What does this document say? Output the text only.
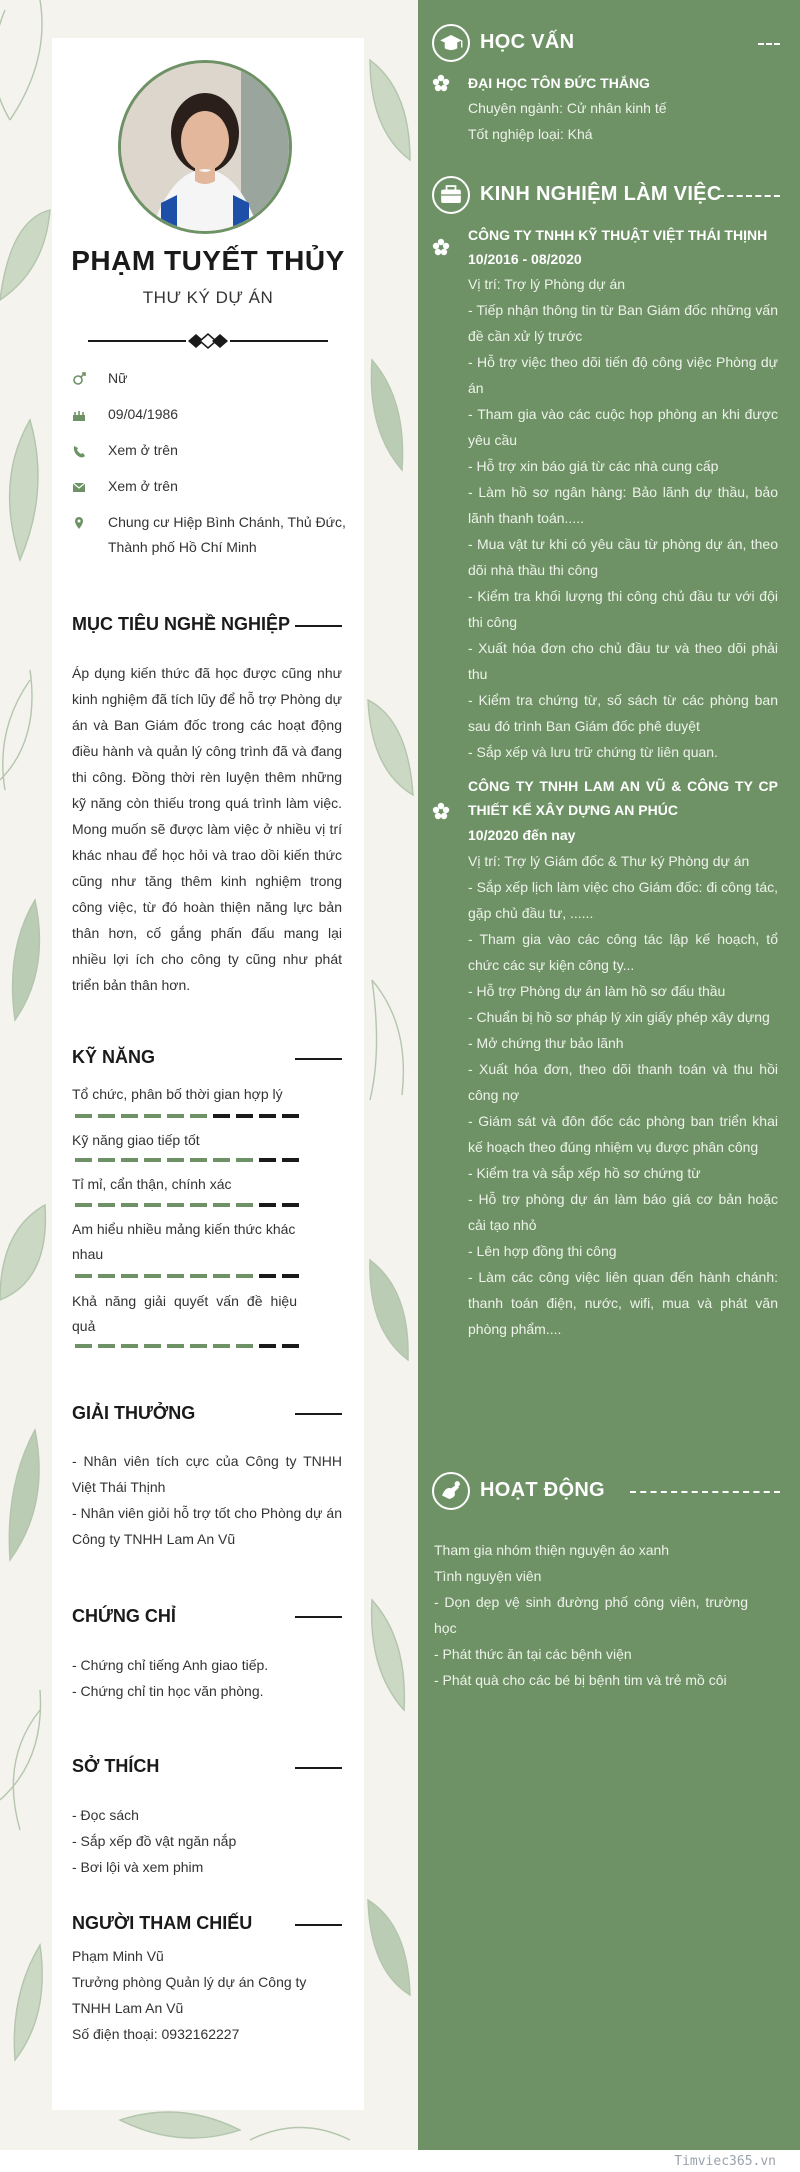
PHẠM TUYẾT THỦY
THƯ KÝ DỰ ÁN
Nữ
09/04/1986
Xem ở trên
Xem ở trên
Chung cư Hiệp Bình Chánh, Thủ Đức, Thành phố Hồ Chí Minh
MỤC TIÊU NGHỀ NGHIỆP
Áp dụng kiến thức đã học được cũng như kinh nghiệm đã tích lũy để hỗ trợ Phòng dự án và Ban Giám đốc trong các hoạt động điều hành và quản lý công trình đã và đang thi công. Đồng thời rèn luyện thêm những kỹ năng còn thiếu trong quá trình làm việc. Mong muốn sẽ được làm việc ở nhiều vị trí khác nhau để học hỏi và trao dồi kiến thức cũng như tăng thêm kinh nghiệm trong công việc, từ đó hoàn thiện năng lực bản thân hơn, cố gắng phấn đấu mang lại nhiều lợi ích cho công ty cũng như phát triển bản thân hơn.
KỸ NĂNG
Tổ chức, phân bố thời gian hợp lý
Kỹ năng giao tiếp tốt
Tỉ mỉ, cẩn thận, chính xác
Am hiểu nhiều mảng kiến thức khác nhau
Khả năng giải quyết vấn đề hiệu quả
GIẢI THƯỞNG
- Nhân viên tích cực của Công ty TNHH Việt Thái Thịnh
- Nhân viên giỏi hỗ trợ tốt cho Phòng dự án Công ty TNHH Lam An Vũ
CHỨNG CHỈ
- Chứng chỉ tiếng Anh giao tiếp.
- Chứng chỉ tin học văn phòng.
SỞ THÍCH
- Đọc sách
- Sắp xếp đồ vật ngăn nắp
- Bơi lội và xem phim
NGƯỜI THAM CHIẾU
Phạm Minh Vũ
Trưởng phòng Quản lý dự án Công ty TNHH Lam An Vũ
Số điện thoại: 0932162227
HỌC VẤN
ĐẠI HỌC TÔN ĐỨC THẮNG
Chuyên ngành: Cử nhân kinh tế
Tốt nghiệp loại: Khá
KINH NGHIỆM LÀM VIỆC
CÔNG TY TNHH KỸ THUẬT VIỆT THÁI THỊNH
10/2016 - 08/2020
Vị trí: Trợ lý Phòng dự án
- Tiếp nhận thông tin từ Ban Giám đốc những vấn đề cần xử lý trước
- Hỗ trợ việc theo dõi tiến độ công việc Phòng dự án
- Tham gia vào các cuộc họp phòng an khi được yêu cầu
- Hỗ trợ xin báo giá từ các nhà cung cấp
- Làm hồ sơ ngân hàng: Bảo lãnh dự thầu, bảo lãnh thanh toán.....
- Mua vật tư khi có yêu cầu từ phòng dự án, theo dõi nhà thầu thi công
- Kiểm tra khối lượng thi công chủ đầu tư với đội thi công
- Xuất hóa đơn cho chủ đầu tư và theo dõi phải thu
- Kiểm tra chứng từ, số sách từ các phòng ban sau đó trình Ban Giám đốc phê duyệt
- Sắp xếp và lưu trữ chứng từ liên quan.
CÔNG TY TNHH LAM AN VŨ & CÔNG TY CP THIẾT KẾ XÂY DỰNG AN PHÚC
10/2020 đến nay
Vị trí: Trợ lý Giám đốc & Thư ký Phòng dự án
- Sắp xếp lịch làm việc cho Giám đốc: đi công tác, gặp chủ đầu tư, ......
- Tham gia vào các công tác lập kế hoạch, tổ chức các sự kiện công ty...
- Hỗ trợ Phòng dự án làm hồ sơ đấu thầu
- Chuẩn bị hồ sơ pháp lý xin giấy phép xây dựng
- Mở chứng thư bảo lãnh
- Xuất hóa đơn, theo dõi thanh toán và thu hồi công nợ
- Giám sát và đôn đốc các phòng ban triển khai kế hoạch theo đúng nhiệm vụ được phân công
- Kiểm tra và sắp xếp hồ sơ chứng từ
- Hỗ trợ phòng dự án làm báo giá cơ bản hoặc cải tạo nhỏ
- Lên hợp đồng thi công
- Làm các công việc liên quan đến hành chánh: thanh toán điện, nước, wifi, mua và phát văn phòng phẩm....
HOẠT ĐỘNG
Tham gia nhóm thiện nguyện áo xanh
Tình nguyện viên
- Dọn dẹp vệ sinh đường phố công viên, trường học
- Phát thức ăn tại các bệnh viện
- Phát quà cho các bé bị bệnh tim và trẻ mồ côi
Timviec365.vn
